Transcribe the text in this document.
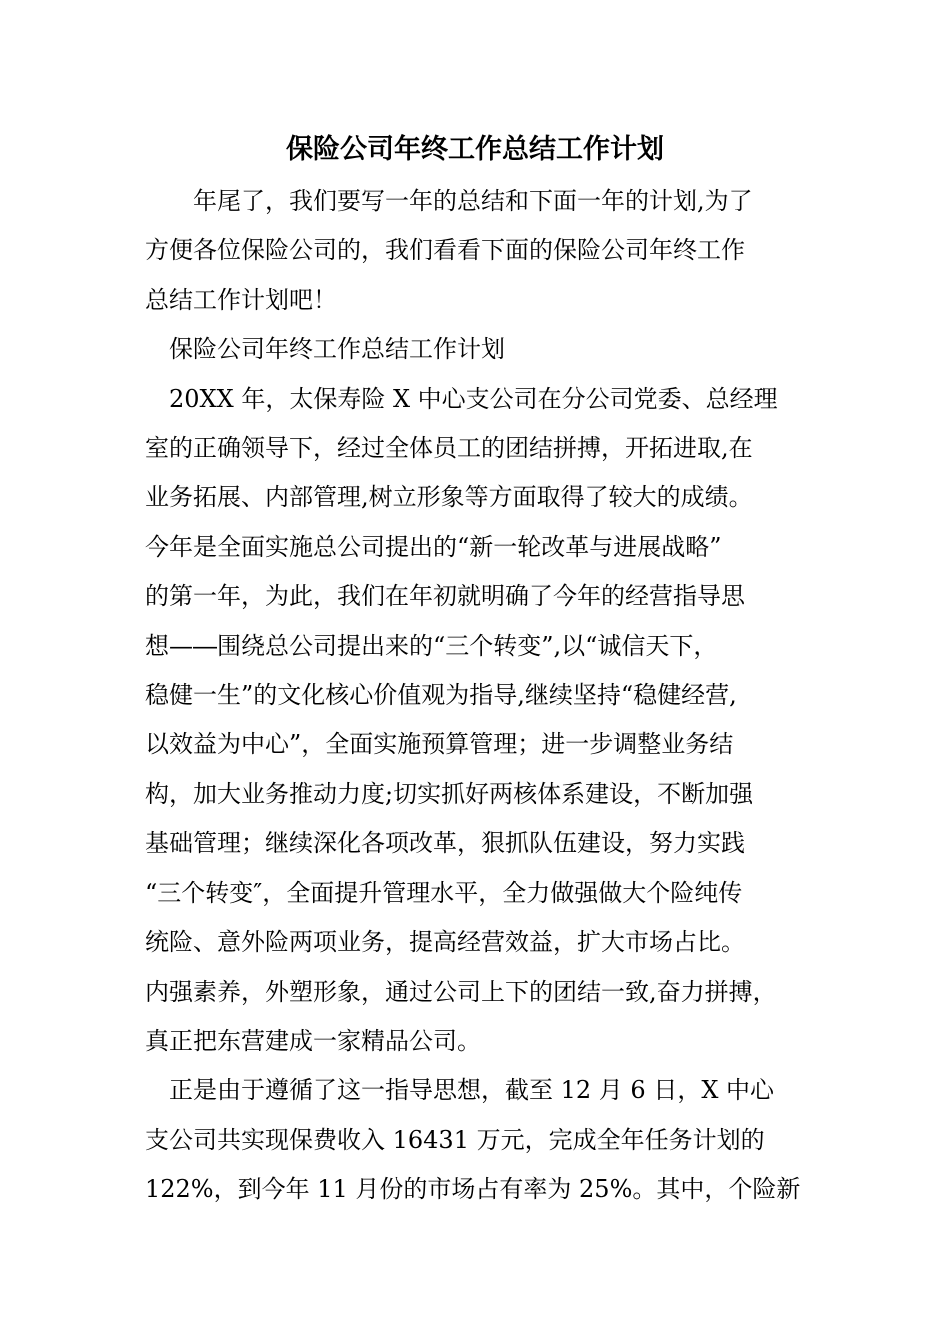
保险公司年终工作总结工作计划

　　年尾了，我们要写一年的总结和下面一年的计划,为了
方便各位保险公司的，我们看看下面的保险公司年终工作
总结工作计划吧！

　保险公司年终工作总结工作计划

　20XX 年，太保寿险 X 中心支公司在分公司党委、总经理
室的正确领导下，经过全体员工的团结拼搏，开拓进取,在
业务拓展、内部管理,树立形象等方面取得了较大的成绩。
今年是全面实施总公司提出的“新一轮改革与进展战略”
的第一年，为此，我们在年初就明确了今年的经营指导思
想—―围绕总公司提出来的“三个转变”,以“诚信天下，
稳健一生”的文化核心价值观为指导,继续坚持“稳健经营,
以效益为中心”，全面实施预算管理；进一步调整业务结
构，加大业务推动力度;切实抓好两核体系建设，不断加强
基础管理；继续深化各项改革，狠抓队伍建设，努力实践
“三个转变″，全面提升管理水平，全力做强做大个险纯传
统险、意外险两项业务，提高经营效益，扩大市场占比。
内强素养，外塑形象，通过公司上下的团结一致,奋力拼搏，
真正把东营建成一家精品公司。

　正是由于遵循了这一指导思想，截至 12 月 6 日，X 中心
支公司共实现保费收入 16431 万元，完成全年任务计划的
122%，到今年 11 月份的市场占有率为 25%。其中，个险新
